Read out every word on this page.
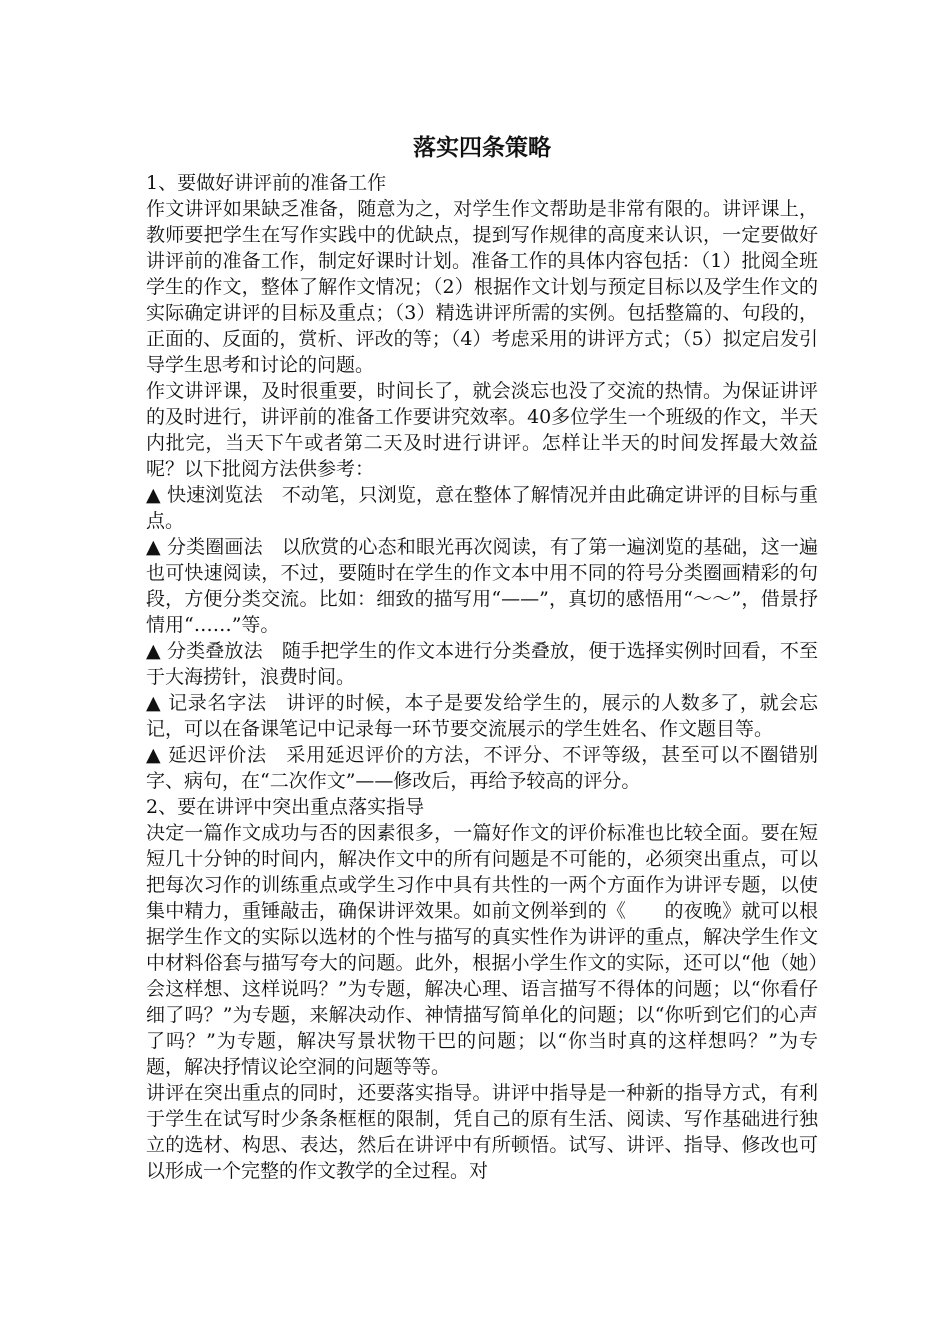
落实四条策略

1、要做好讲评前的准备工作

作文讲评如果缺乏准备，随意为之，对学生作文帮助是非常有限的。讲评课上，教师要把学生在写作实践中的优缺点，提到写作规律的高度来认识，一定要做好讲评前的准备工作，制定好课时计划。准备工作的具体内容包括：（1）批阅全班学生的作文，整体了解作文情况；（2）根据作文计划与预定目标以及学生作文的实际确定讲评的目标及重点；（3）精选讲评所需的实例。包括整篇的、句段的，正面的、反面的，赏析、评改的等；（4）考虑采用的讲评方式；（5）拟定启发引导学生思考和讨论的问题。

作文讲评课，及时很重要，时间长了，就会淡忘也没了交流的热情。为保证讲评的及时进行，讲评前的准备工作要讲究效率。40多位学生一个班级的作文，半天内批完，当天下午或者第二天及时进行讲评。怎样让半天的时间发挥最大效益呢？以下批阅方法供参考：

▲ 快速浏览法　不动笔，只浏览，意在整体了解情况并由此确定讲评的目标与重点。

▲ 分类圈画法　以欣赏的心态和眼光再次阅读，有了第一遍浏览的基础，这一遍也可快速阅读，不过，要随时在学生的作文本中用不同的符号分类圈画精彩的句段，方便分类交流。比如：细致的描写用“——”，真切的感悟用“～～”，借景抒情用“……”等。

▲ 分类叠放法　随手把学生的作文本进行分类叠放，便于选择实例时回看，不至于大海捞针，浪费时间。

▲ 记录名字法　讲评的时候，本子是要发给学生的，展示的人数多了，就会忘记，可以在备课笔记中记录每一环节要交流展示的学生姓名、作文题目等。

▲ 延迟评价法　采用延迟评价的方法，不评分、不评等级，甚至可以不圈错别字、病句，在“二次作文”——修改后，再给予较高的评分。

2、要在讲评中突出重点落实指导

决定一篇作文成功与否的因素很多，一篇好作文的评价标准也比较全面。要在短短几十分钟的时间内，解决作文中的所有问题是不可能的，必须突出重点，可以把每次习作的训练重点或学生习作中具有共性的一两个方面作为讲评专题，以使集中精力，重锤敲击，确保讲评效果。如前文例举到的《　　的夜晚》就可以根据学生作文的实际以选材的个性与描写的真实性作为讲评的重点，解决学生作文中材料俗套与描写夸大的问题。此外，根据小学生作文的实际，还可以“他（她）会这样想、这样说吗？”为专题，解决心理、语言描写不得体的问题；以“你看仔细了吗？”为专题，来解决动作、神情描写简单化的问题；以“你听到它们的心声了吗？”为专题，解决写景状物干巴的问题；以“你当时真的这样想吗？”为专题，解决抒情议论空洞的问题等等。

讲评在突出重点的同时，还要落实指导。讲评中指导是一种新的指导方式，有利于学生在试写时少条条框框的限制，凭自己的原有生活、阅读、写作基础进行独立的选材、构思、表达，然后在讲评中有所顿悟。试写、讲评、指导、修改也可以形成一个完整的作文教学的全过程。对
